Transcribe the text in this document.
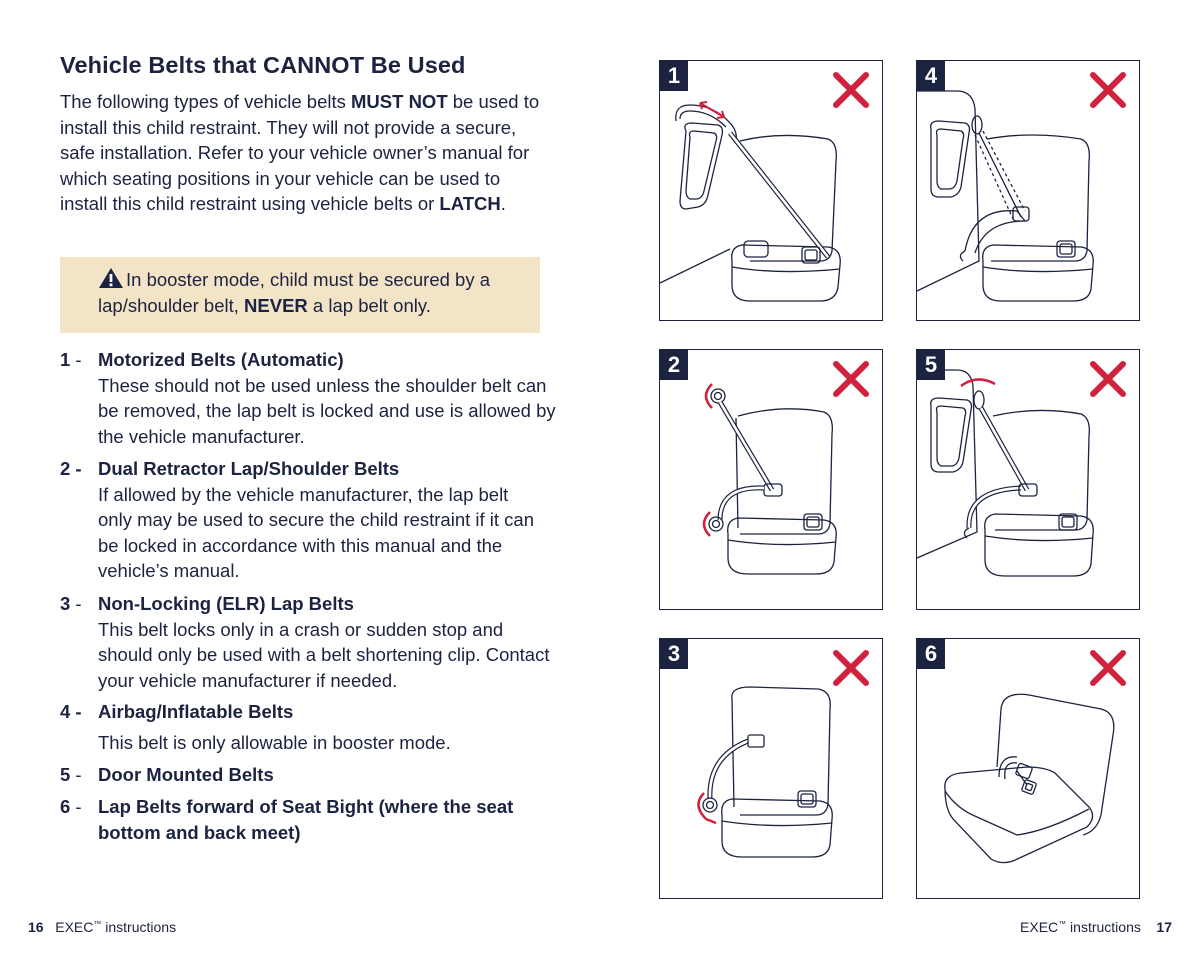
Vehicle Belts that CANNOT Be Used

The following types of vehicle belts MUST NOT be used to install this child restraint. They will not provide a secure, safe installation. Refer to your vehicle owner’s manual for which seating positions in your vehicle can be used to install this child restraint using vehicle belts or LATCH.

In booster mode, child must be secured by a lap/shoulder belt, NEVER a lap belt only.
1 - Motorized Belts (Automatic)
These should not be used unless the shoulder belt can be removed, the lap belt is locked and use is allowed by the vehicle manufacturer.
2 - Dual Retractor Lap/Shoulder Belts
If allowed by the vehicle manufacturer, the lap belt only may be used to secure the child restraint if it can be locked in accordance with this manual and the vehicle’s manual.
3 - Non-Locking (ELR) Lap Belts
This belt locks only in a crash or sudden stop and should only be used with a belt shortening clip. Contact your vehicle manufacturer if needed.
4 - Airbag/Inflatable Belts
This belt is only allowable in booster mode.
5 - Door Mounted Belts
6 - Lap Belts forward of Seat Bight (where the seat bottom and back meet)
1	4
2	5
3	6
16 EXEC™ instructions	EXEC™ instructions 17
